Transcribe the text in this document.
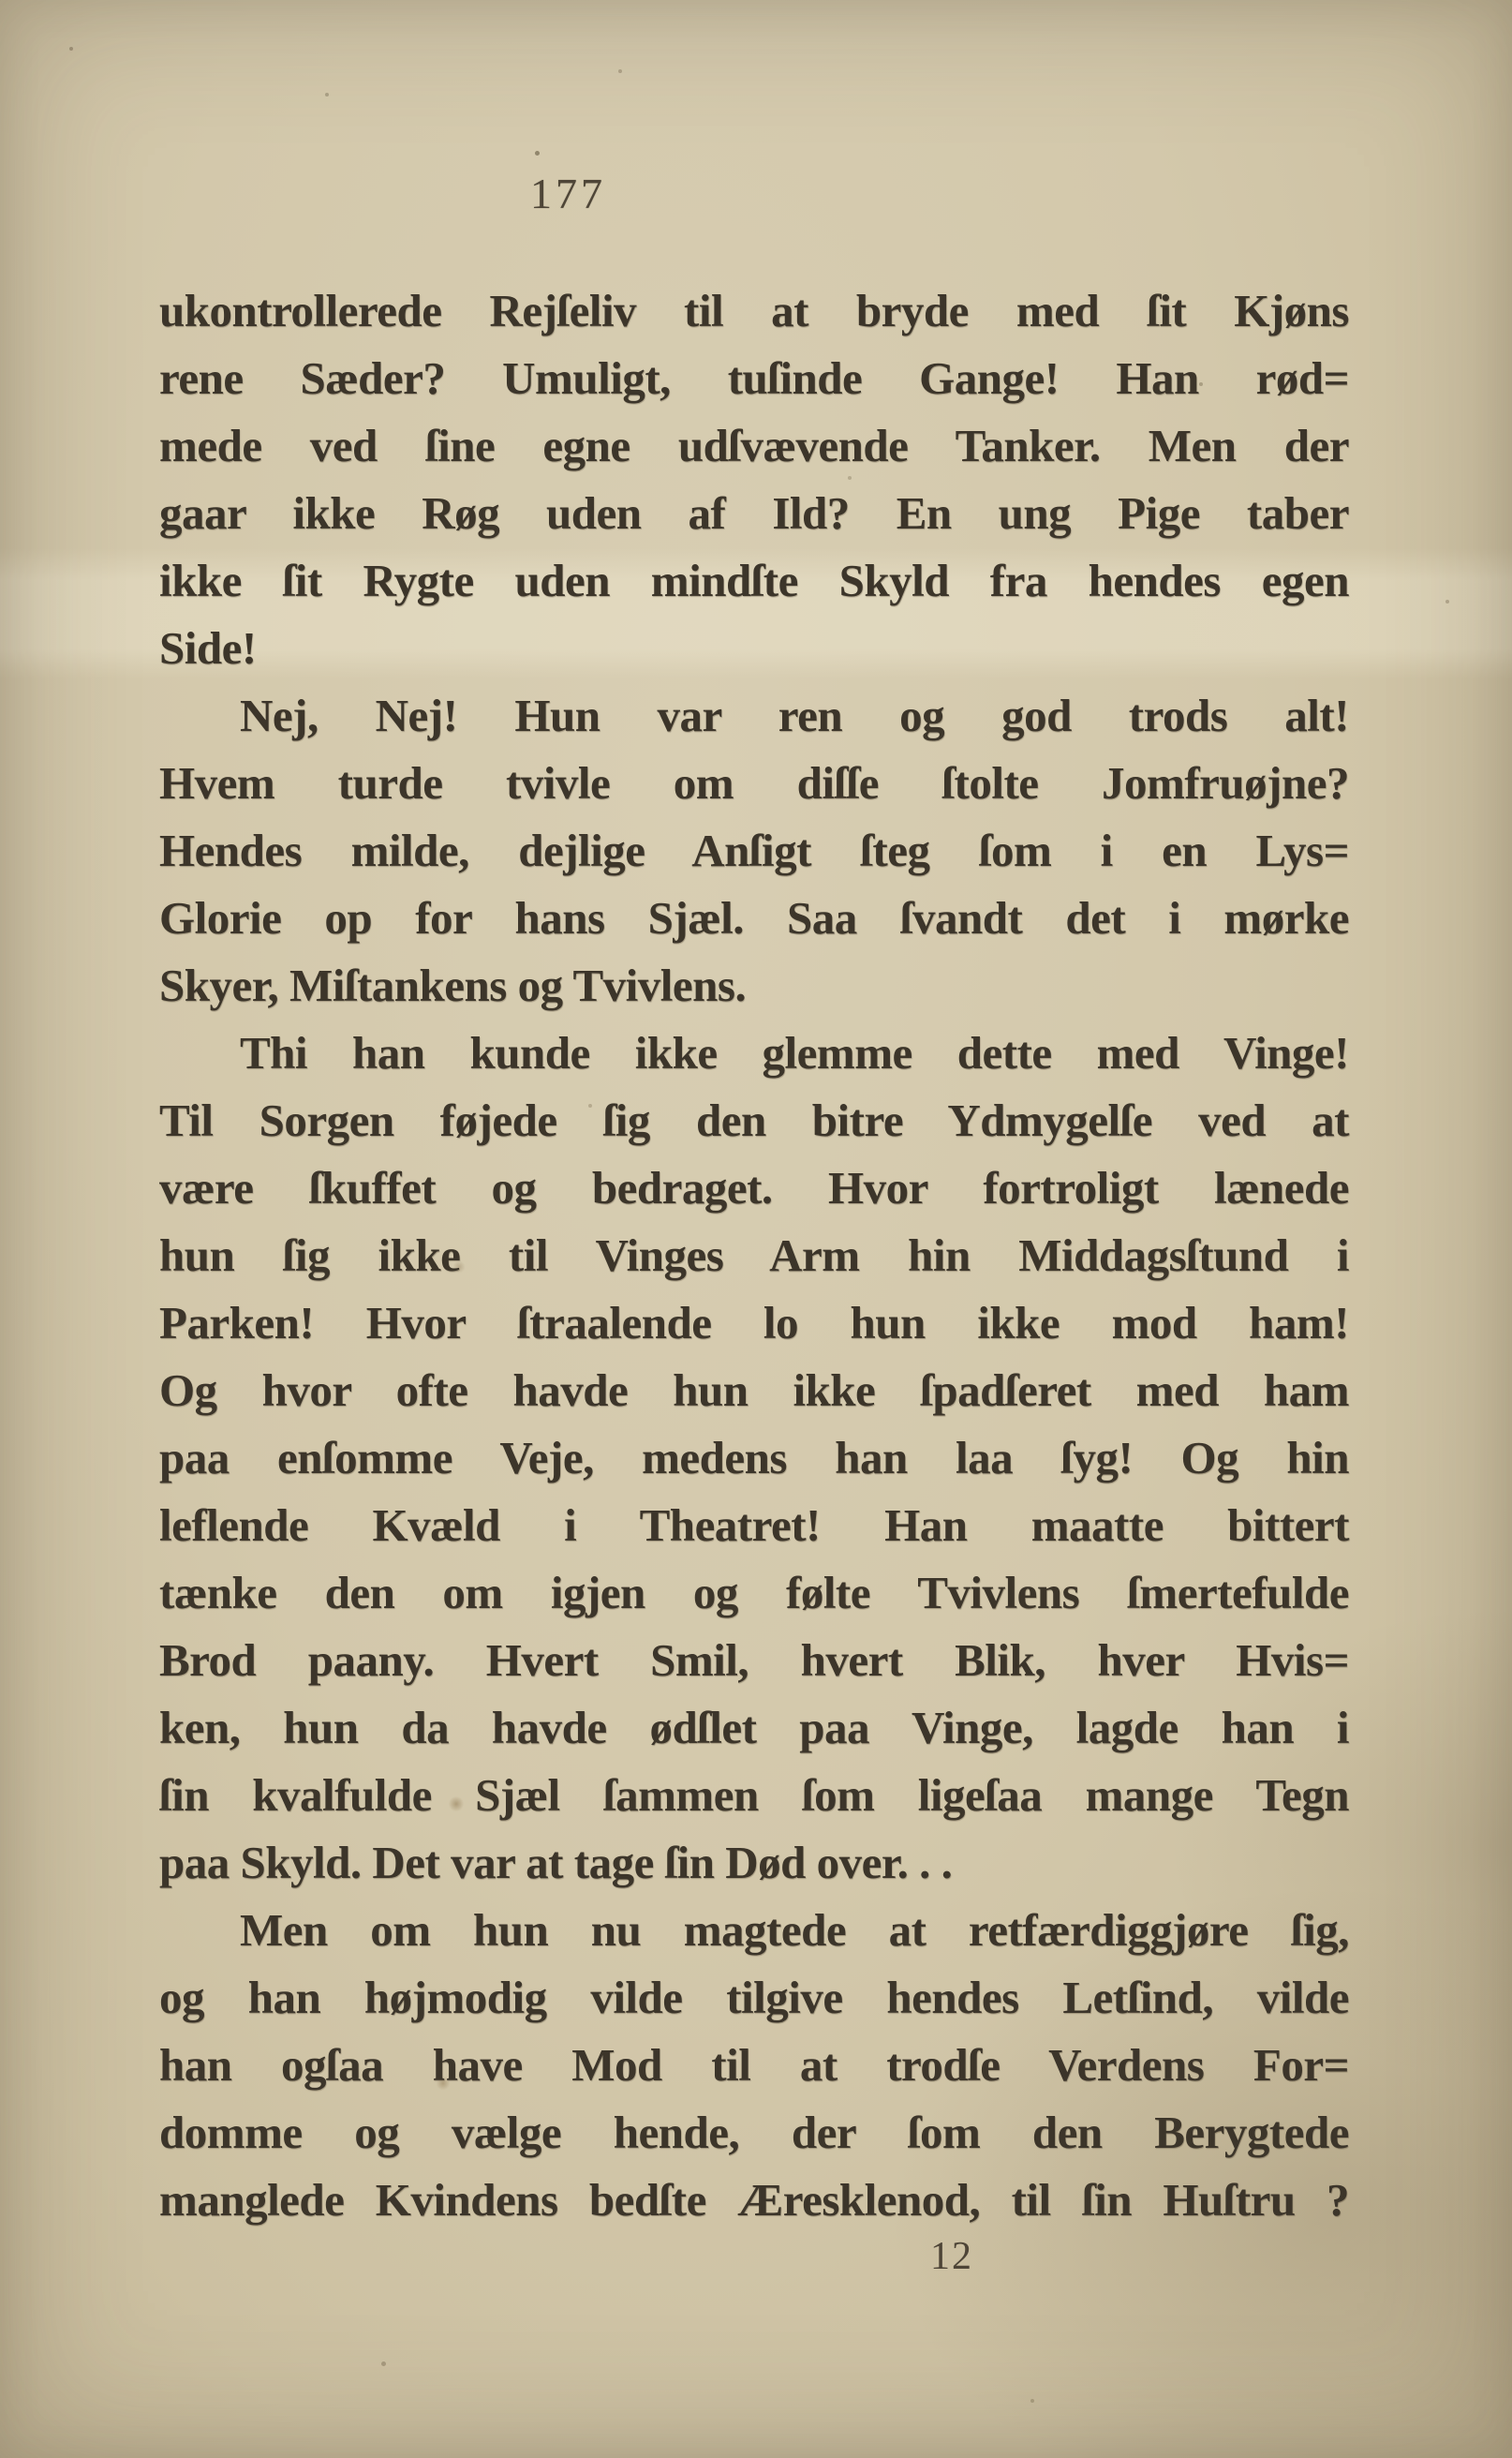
177
ukontrollerede Rejſeliv til at bryde med ſit Kjøns
rene Sæder? Umuligt, tuſinde Gange! Han rød=
mede ved ſine egne udſvævende Tanker. Men der
gaar ikke Røg uden af Ild? En ung Pige taber
ikke ſit Rygte uden mindſte Skyld fra hendes egen
Side!
Nej, Nej! Hun var ren og god trods alt!
Hvem turde tvivle om diſſe ſtolte Jomfruøjne?
Hendes milde, dejlige Anſigt ſteg ſom i en Lys=
Glorie op for hans Sjæl. Saa ſvandt det i mørke
Skyer, Miſtankens og Tvivlens.
Thi han kunde ikke glemme dette med Vinge!
Til Sorgen føjede ſig den bitre Ydmygelſe ved at
være ſkuffet og bedraget. Hvor fortroligt lænede
hun ſig ikke til Vinges Arm hin Middagsſtund i
Parken! Hvor ſtraalende lo hun ikke mod ham!
Og hvor ofte havde hun ikke ſpadſeret med ham
paa enſomme Veje, medens han laa ſyg! Og hin
leflende Kvæld i Theatret! Han maatte bittert
tænke den om igjen og følte Tvivlens ſmertefulde
Brod paany. Hvert Smil, hvert Blik, hver Hvis=
ken, hun da havde ødſlet paa Vinge, lagde han i
ſin kvalfulde Sjæl ſammen ſom ligeſaa mange Tegn
paa Skyld. Det var at tage ſin Død over. . .
Men om hun nu magtede at retfærdiggjøre ſig,
og han højmodig vilde tilgive hendes Letſind, vilde
han ogſaa have Mod til at trodſe Verdens For=
domme og vælge hende, der ſom den Berygtede
manglede Kvindens bedſte Æresklenod, til ſin Huſtru ?
12
